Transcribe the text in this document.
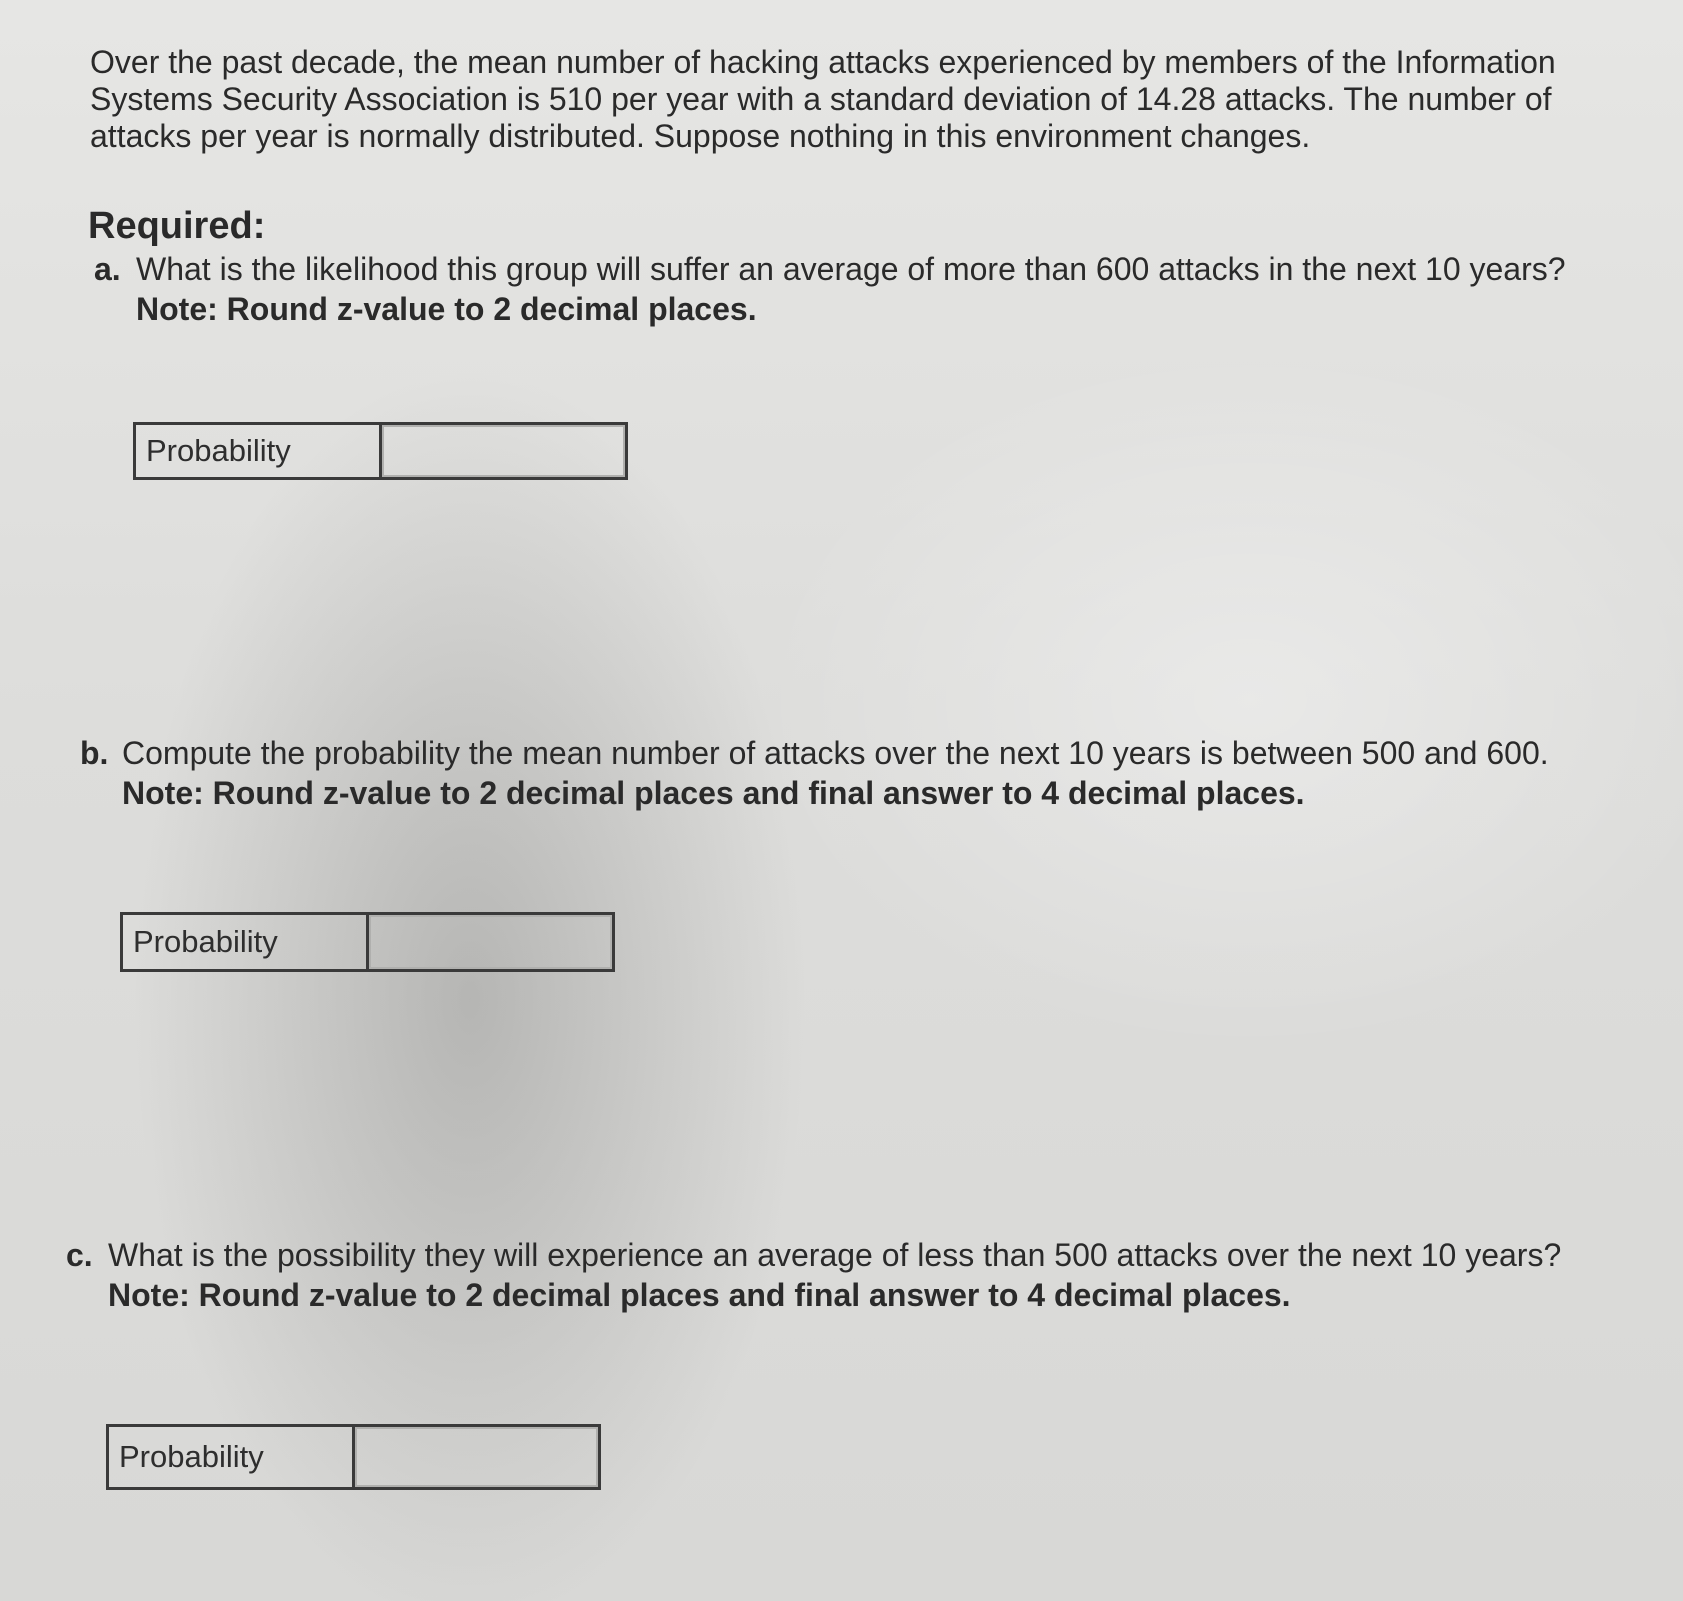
Over the past decade, the mean number of hacking attacks experienced by members of the Information Systems Security Association is 510 per year with a standard deviation of 14.28 attacks. The number of attacks per year is normally distributed. Suppose nothing in this environment changes.

Required:
a. What is the likelihood this group will suffer an average of more than 600 attacks in the next 10 years?
Note: Round z-value to 2 decimal places.
Probability
b. Compute the probability the mean number of attacks over the next 10 years is between 500 and 600.
Note: Round z-value to 2 decimal places and final answer to 4 decimal places.
Probability
c. What is the possibility they will experience an average of less than 500 attacks over the next 10 years?
Note: Round z-value to 2 decimal places and final answer to 4 decimal places.
Probability
